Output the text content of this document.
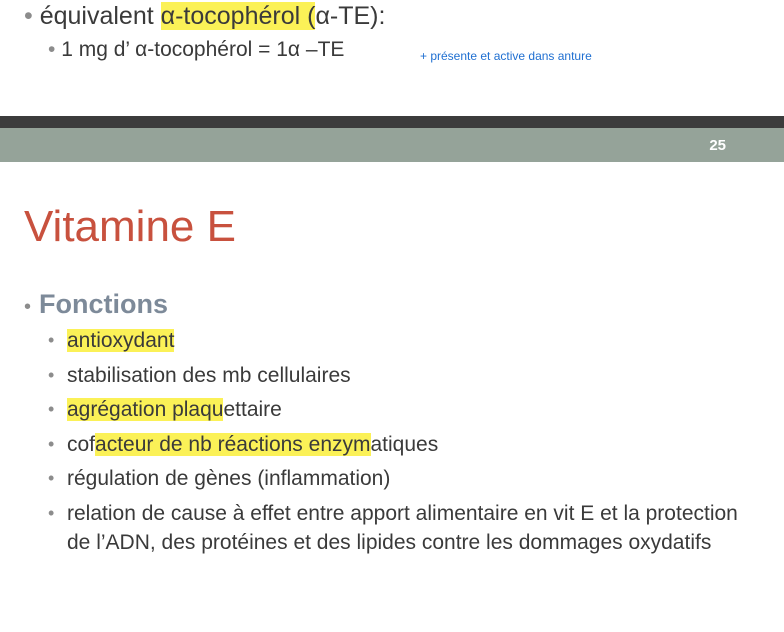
• équivalent α-tocophérol (α-TE):
• 1 mg d’ α-tocophérol = 1α –TE	+ présente et active dans anture
25
Vitamine E
• Fonctions
• antioxydant
• stabilisation des mb cellulaires
• agrégation plaquettaire
• cofacteur de nb réactions enzymatiques
• régulation de gènes (inflammation)
• relation de cause à effet entre apport alimentaire en vit E et la protection de l’ADN, des protéines et des lipides contre les dommages oxydatifs
